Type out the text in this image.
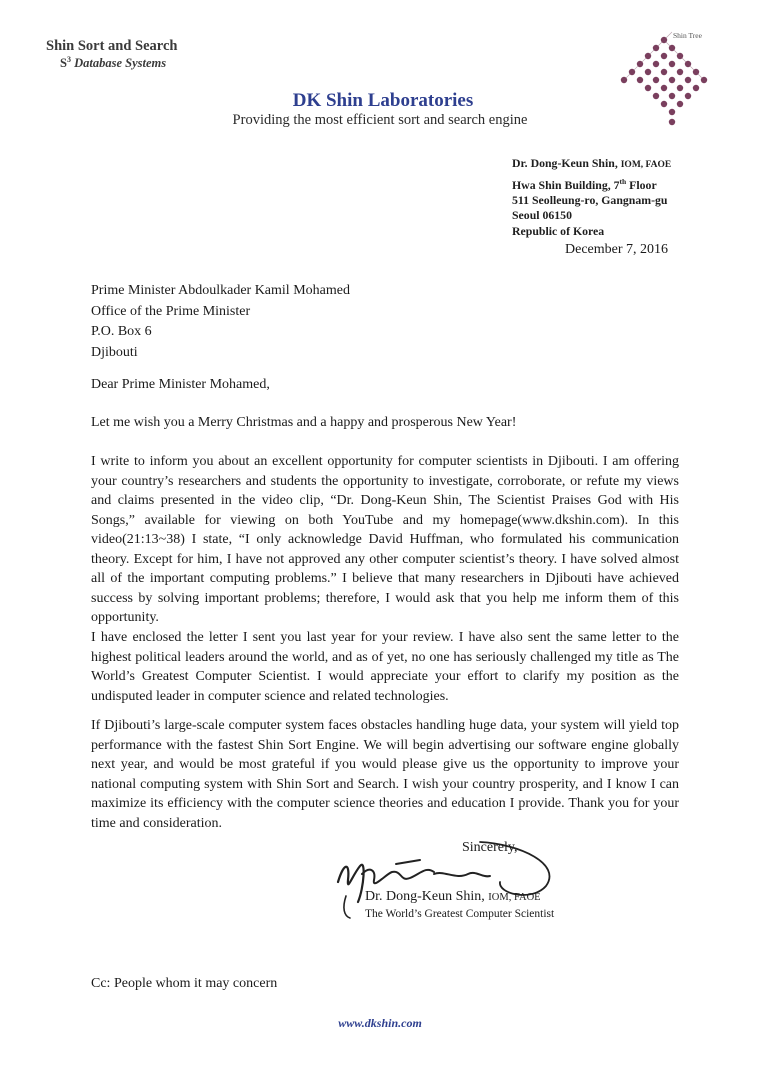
Shin Sort and Search
$S^3$ Database Systems
Shin Tree
DK Shin Laboratories
Providing the most efficient sort and search engine
Dr. Dong-Keun Shin, IOM, FAOE
Hwa Shin Building, 7th Floor
511 Seolleung-ro, Gangnam-gu
Seoul 06150
Republic of Korea
December 7, 2016
Prime Minister Abdoulkader Kamil Mohamed
Office of the Prime Minister
P.O. Box 6
Djibouti
Dear Prime Minister Mohamed,
Let me wish you a Merry Christmas and a happy and prosperous New Year!
I write to inform you about an excellent opportunity for computer scientists in Djibouti. I am offering your country’s researchers and students the opportunity to investigate, corroborate, or refute my views and claims presented in the video clip, “Dr. Dong-Keun Shin, The Scientist Praises God with His Songs,” available for viewing on both YouTube and my homepage(www.dkshin.com). In this video(21:13~38) I state, “I only acknowledge David Huffman, who formulated his communication theory. Except for him, I have not approved any other computer scientist’s theory. I have solved almost all of the important computing problems.” I believe that many researchers in Djibouti have achieved success by solving important problems; therefore, I would ask that you help me inform them of this opportunity.
I have enclosed the letter I sent you last year for your review. I have also sent the same letter to the highest political leaders around the world, and as of yet, no one has seriously challenged my title as The World’s Greatest Computer Scientist. I would appreciate your effort to clarify my position as the undisputed leader in computer science and related technologies.
If Djibouti’s large-scale computer system faces obstacles handling huge data, your system will yield top performance with the fastest Shin Sort Engine. We will begin advertising our software engine globally next year, and would be most grateful if you would please give us the opportunity to improve your national computing system with Shin Sort and Search. I wish your country prosperity, and I know I can maximize its efficiency with the computer science theories and education I provide. Thank you for your time and consideration.
Sincerely,
Dr. Dong-Keun Shin, IOM, FAOE
The World’s Greatest Computer Scientist
Cc: People whom it may concern
www.dkshin.com
